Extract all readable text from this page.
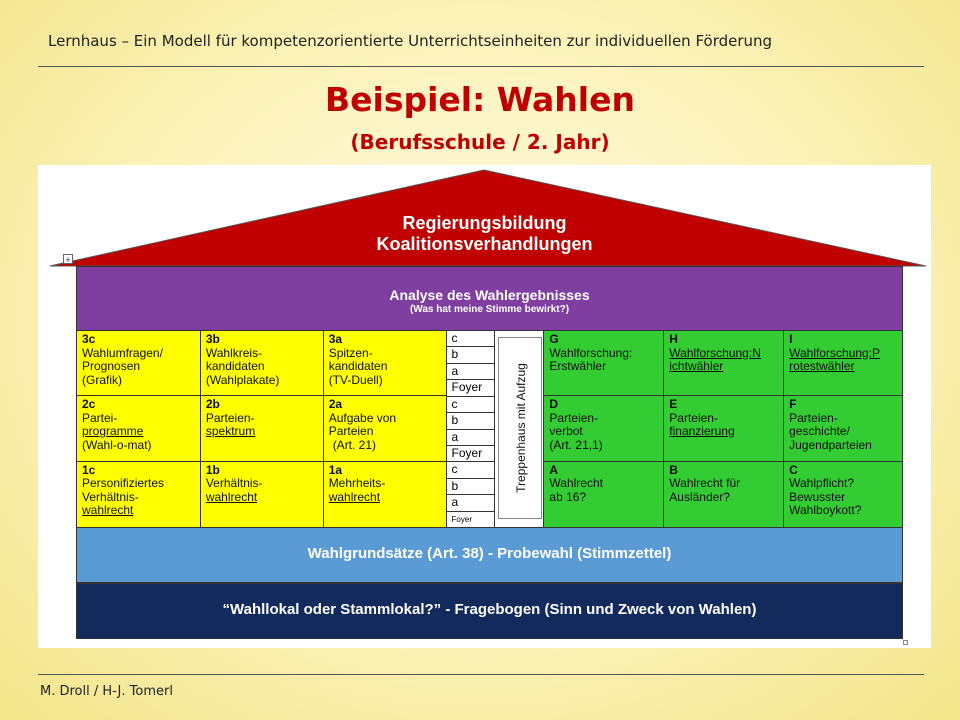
Lernhaus – Ein Modell für kompetenzorientierte Unterrichtseinheiten zur individuellen Förderung
Beispiel: Wahlen
(Berufsschule / 2. Jahr)
Regierungsbildung
Koalitionsverhandlungen
+
Analyse des Wahlergebnisses
(Was hat meine Stimme bewirkt?)
3c
Wahlumfragen/
Prognosen
(Grafik)
2c
Partei-
programme
(Wahl-o-mat)
1c
Personifiziertes
Verhältnis-
wahlrecht
3b
Wahlkreis-
kandidaten
(Wahlplakate)
2b
Parteien-
spektrum
1b
Verhältnis-
wahlrecht
3a
Spitzen-
kandidaten
(TV-Duell)
2a
Aufgabe von
Parteien
(Art. 21)
1a
Mehrheits-
wahlrecht
c
b
a
Foyer
c
b
a
Foyer
c
b
a
Foyer
Treppenhaus mit Aufzug
G
Wahlforschung:
Erstwähler
D
Parteien-
verbot
(Art. 21,1)
A
Wahlrecht
ab 16?
H
Wahlforschung:N
ichtwähler
E
Parteien-
finanzierung
B
Wahlrecht für
Ausländer?
I
Wahlforschung:P
rotestwähler
F
Parteien-
geschichte/
Jugendparteien
C
Wahlpflicht?
Bewusster
Wahlboykott?
Wahlgrundsätze (Art. 38) - Probewahl (Stimmzettel)
“Wahllokal oder Stammlokal?” - Fragebogen (Sinn und Zweck von Wahlen)
M. Droll / H-J. Tomerl
